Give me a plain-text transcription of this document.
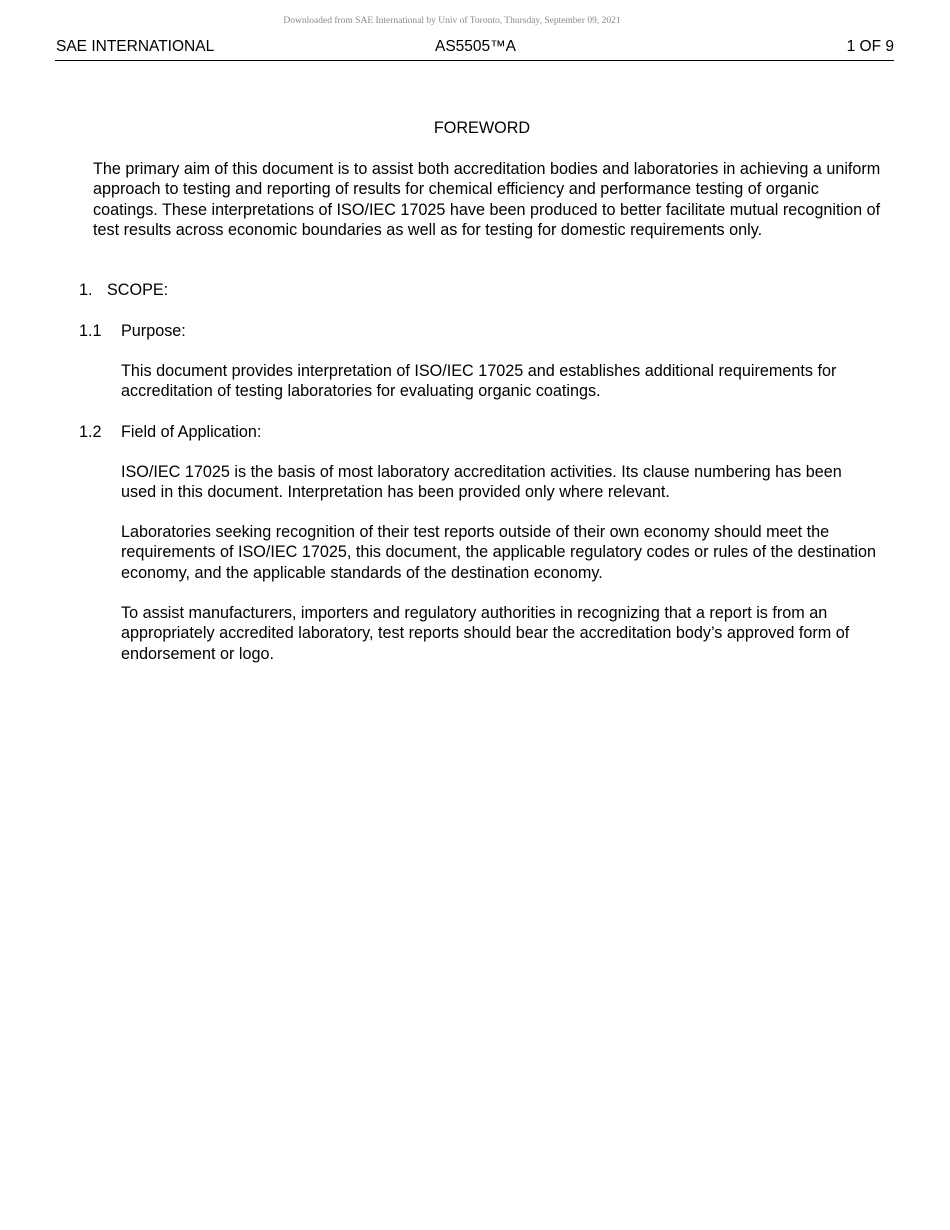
Downloaded from SAE International by Univ of Toronto, Thursday, September 09, 2021
SAE INTERNATIONAL	AS5505™A	1 OF 9
FOREWORD

The primary aim of this document is to assist both accreditation bodies and laboratories in achieving a uniform approach to testing and reporting of results for chemical efficiency and performance testing of organic coatings. These interpretations of ISO/IEC 17025 have been produced to better facilitate mutual recognition of test results across economic boundaries as well as for testing for domestic requirements only.

1. SCOPE:
1.1 Purpose:

This document provides interpretation of ISO/IEC 17025 and establishes additional requirements for accreditation of testing laboratories for evaluating organic coatings.

1.2 Field of Application:

ISO/IEC 17025 is the basis of most laboratory accreditation activities. Its clause numbering has been used in this document. Interpretation has been provided only where relevant.

Laboratories seeking recognition of their test reports outside of their own economy should meet the requirements of ISO/IEC 17025, this document, the applicable regulatory codes or rules of the destination economy, and the applicable standards of the destination economy.

To assist manufacturers, importers and regulatory authorities in recognizing that a report is from an appropriately accredited laboratory, test reports should bear the accreditation body’s approved form of endorsement or logo.
